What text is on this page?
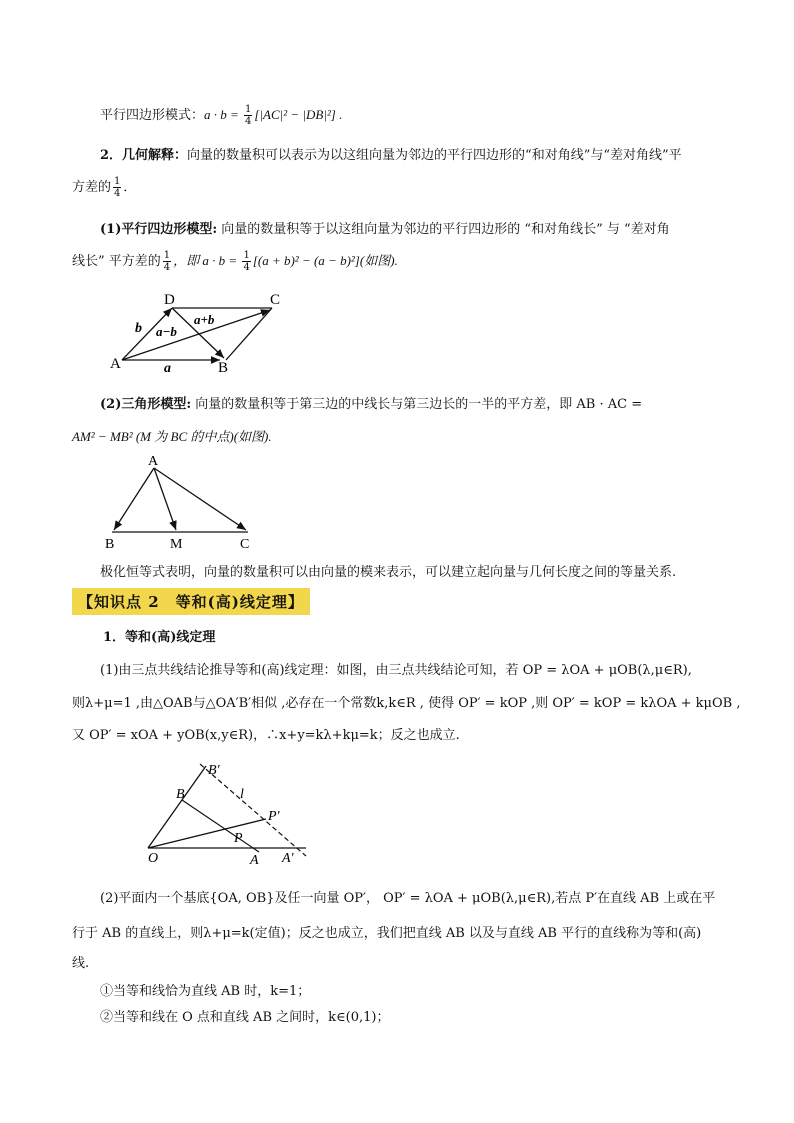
平行四边形模式：$a \cdot b = \frac{1}{4} [|AC|^2 - |DB|^2]$ .
2．几何解释：向量的数量积可以表示为以这组向量为邻边的平行四边形的“和对角线”与“差对角线”平
方差的 $\frac{1}{4}$ ．
(1)平行四边形模型: 向量的数量积等于以这组向量为邻边的平行四边形的 “和对角线长” 与 “差对角
线长” 平方差的 $\frac{1}{4}$ ，即 $a \cdot b = \frac{1}{4} [(a + b)^2 - (a - b)^2]$(如图).
D	C
A	B
b
a
a+b
a−b
(2)三角形模型: 向量的数量积等于第三边的中线长与第三边长的一半的平方差，即 AB · AC =
AM² − MB² (M 为 BC 的中点)(如图).
A
B	M	C
极化恒等式表明，向量的数量积可以由向量的模来表示，可以建立起向量与几何长度之间的等量关系.
【知识点 2　等和(高)线定理】
1．等和(高)线定理
(1)由三点共线结论推导等和(高)线定理：如图，由三点共线结论可知，若 OP = λOA + μOB(λ,μ∈R),
则λ+μ=1 ,由△OAB与△OA′B′相似 ,必存在一个常数k,k∈R , 使得 OP′ = kOP ,则 OP′ = kOP = kλOA + kμOB ,
又 OP′ = xOA + yOB(x,y∈R)，∴x+y=kλ+kμ=k；反之也成立.
O	A A′
B
B′
P
P′
l
(2)平面内一个基底{OA, OB}及任一向量 OP′， OP′ = λOA + μOB(λ,μ∈R),若点 P′在直线 AB 上或在平
行于 AB 的直线上，则λ+μ=k(定值)；反之也成立，我们把直线 AB 以及与直线 AB 平行的直线称为等和(高)
线.
①当等和线恰为直线 AB 时，k=1；
②当等和线在 O 点和直线 AB 之间时，k∈(0,1)；
